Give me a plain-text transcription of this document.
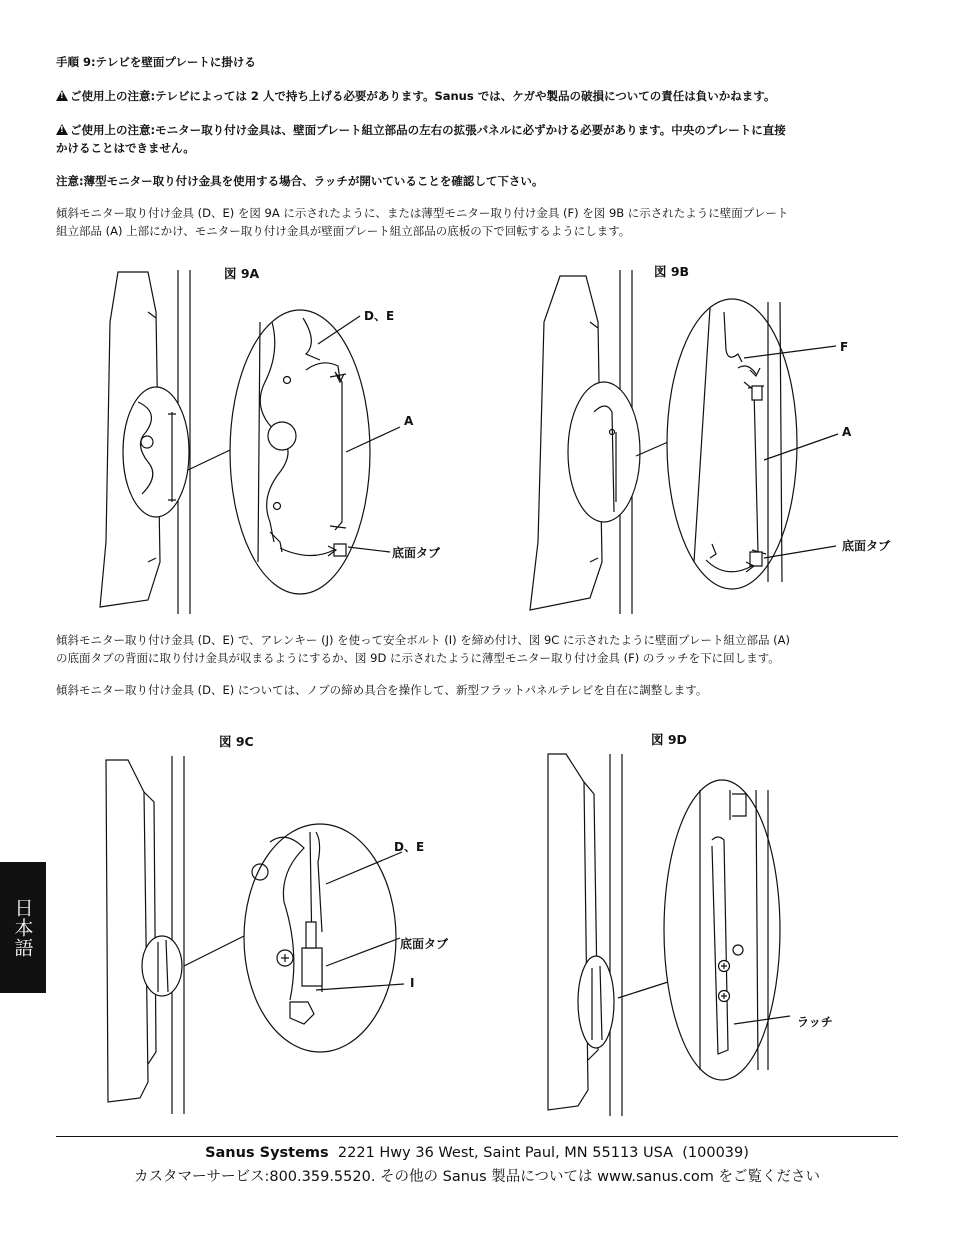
手順 9:テレビを壁面プレートに掛ける
!ご使用上の注意:テレビによっては 2 人で持ち上げる必要があります。Sanus では、ケガや製品の破損についての責任は負いかねます。
!ご使用上の注意:モニター取り付け金具は、壁面プレート組立部品の左右の拡張パネルに必ずかける必要があります。中央のプレートに直接
かけることはできません。
注意:薄型モニター取り付け金具を使用する場合、ラッチが開いていることを確認して下さい。
傾斜モニター取り付け金具 (D、E) を図 9A に示されたように、または薄型モニター取り付け金具 (F) を図 9B に示されたように壁面プレート
組立部品 (A) 上部にかけ、モニター取り付け金具が壁面プレート組立部品の底板の下で回転するようにします。
傾斜モニター取り付け金具 (D、E) で、アレンキー (J) を使って安全ボルト (I) を締め付け、図 9C に示されたように壁面プレート組立部品 (A)
の底面タブの背面に取り付け金具が収まるようにするか、図 9D に示されたように薄型モニター取り付け金具 (F) のラッチを下に回します。
傾斜モニター取り付け金具 (D、E) については、ノブの締め具合を操作して、新型フラットパネルテレビを自在に調整します。
図 9A
D、E
A
底面タブ
図 9B
F
A
底面タブ
図 9C
D、E
底面タブ
I
図 9D
ラッチ
日本語
Sanus Systems 2221 Hwy 36 West, Saint Paul, MN 55113 USA (100039)
カスタマーサービス:800.359.5520. その他の Sanus 製品については www.sanus.com をご覧ください
